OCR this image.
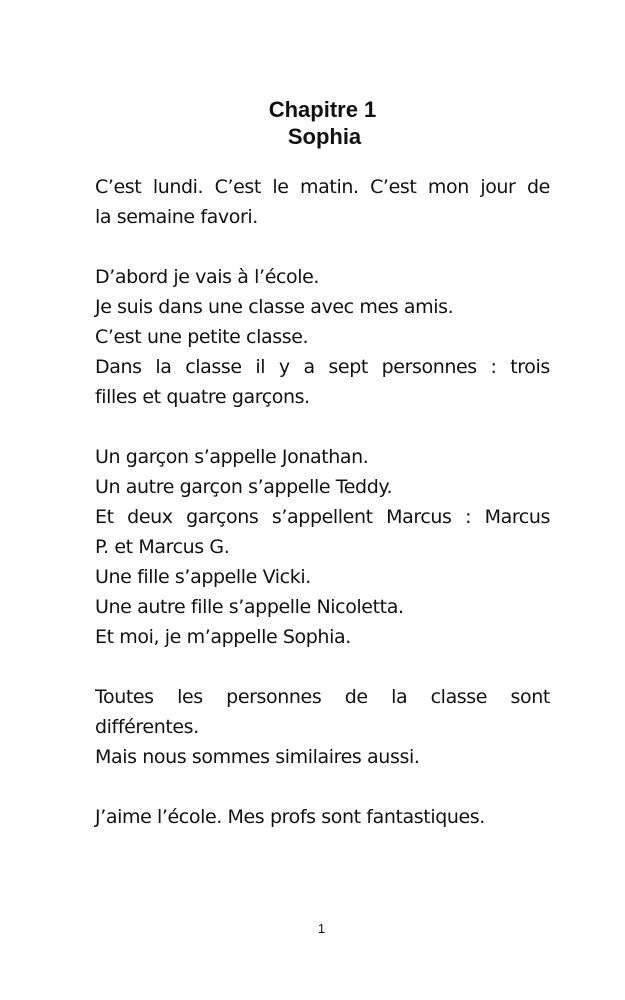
Chapitre 1
Sophia
C’est lundi. C’est le matin. C’est mon jour de
la semaine favori.
D’abord je vais à l’école.
Je suis dans une classe avec mes amis.
C’est une petite classe.
Dans la classe il y a sept personnes : trois
filles et quatre garçons.
Un garçon s’appelle Jonathan.
Un autre garçon s’appelle Teddy.
Et deux garçons s’appellent Marcus : Marcus
P. et Marcus G.
Une fille s’appelle Vicki.
Une autre fille s’appelle Nicoletta.
Et moi, je m’appelle Sophia.
Toutes les personnes de la classe sont
différentes.
Mais nous sommes similaires aussi.
J’aime l’école. Mes profs sont fantastiques.
1
